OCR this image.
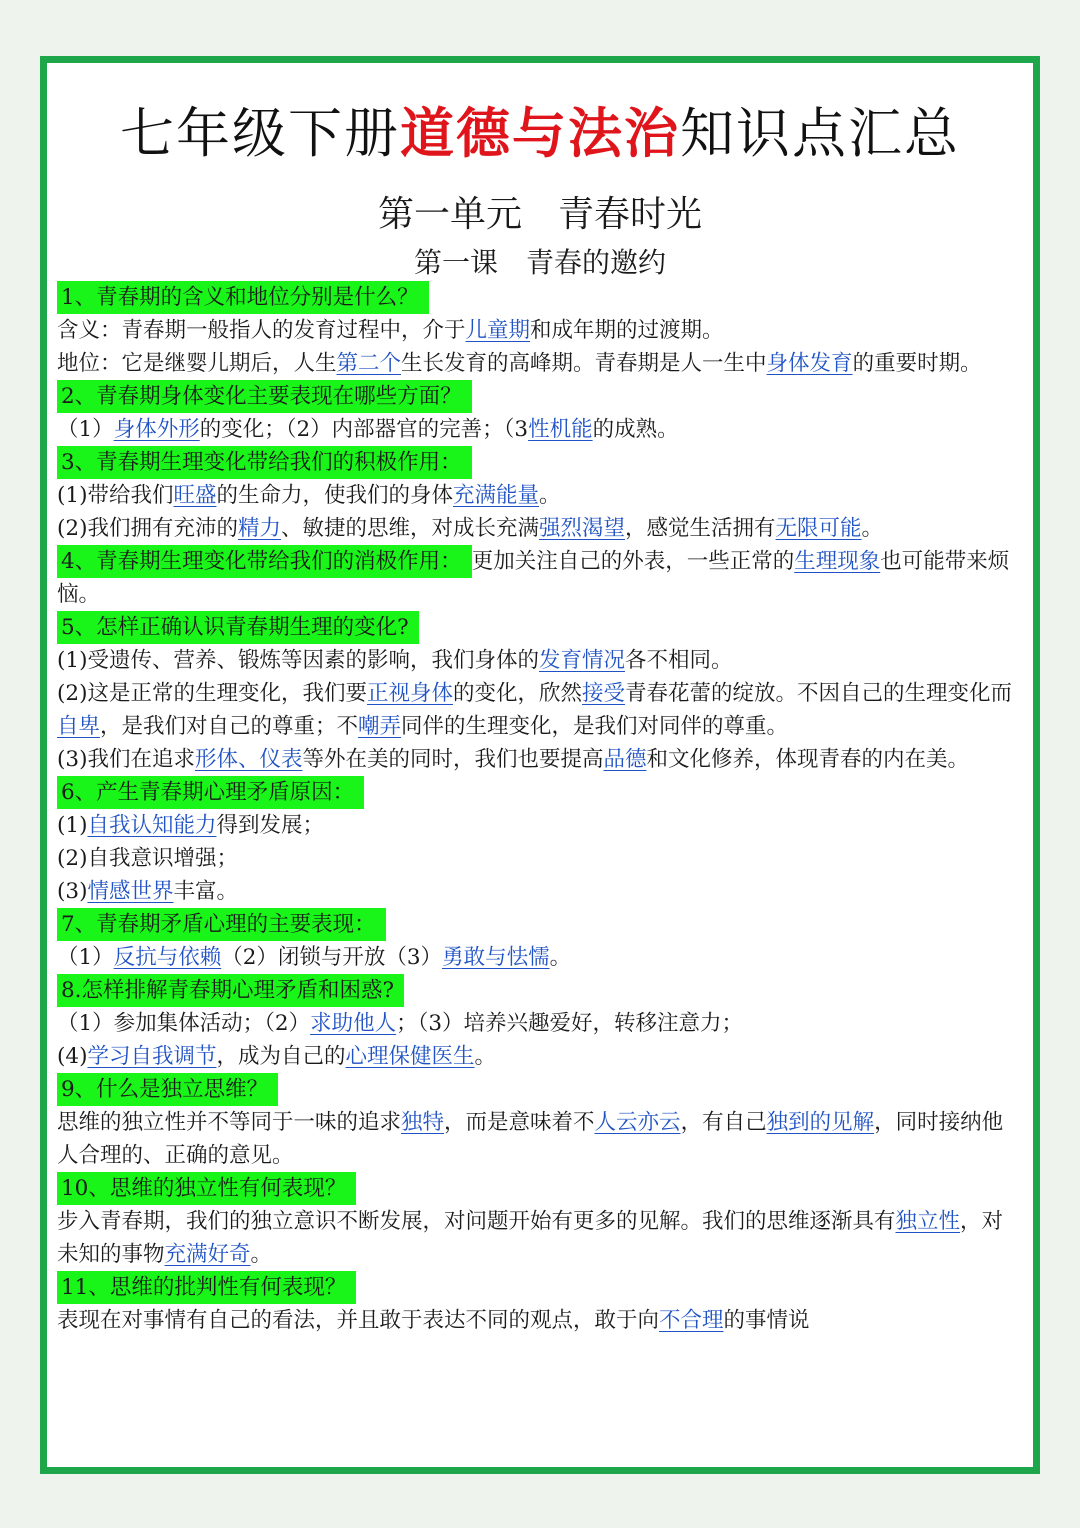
七年级下册道德与法治知识点汇总
第一单元　青春时光
第一课　青春的邀约
1、青春期的含义和地位分别是什么？

含义：青春期一般指人的发育过程中，介于儿童期和成年期的过渡期。

地位：它是继婴儿期后，人生第二个生长发育的高峰期。青春期是人一生中身体发育的重要时期。

2、青春期身体变化主要表现在哪些方面？

（1）身体外形的变化；（2）内部器官的完善；（3性机能的成熟。

3、青春期生理变化带给我们的积极作用：

(1)带给我们旺盛的生命力，使我们的身体充满能量。

(2)我们拥有充沛的精力、敏捷的思维，对成长充满强烈渴望，感觉生活拥有无限可能。

4、青春期生理变化带给我们的消极作用： 更加关注自己的外表，一些正常的生理现象也可能带来烦恼。

5、怎样正确认识青春期生理的变化?

(1)受遗传、营养、锻炼等因素的影响，我们身体的发育情况各不相同。

(2)这是正常的生理变化，我们要正视身体的变化，欣然接受青春花蕾的绽放。不因自己的生理变化而自卑，是我们对自己的尊重；不嘲弄同伴的生理变化，是我们对同伴的尊重。

(3)我们在追求形体、仪表等外在美的同时，我们也要提高品德和文化修养，体现青春的内在美。

6、产生青春期心理矛盾原因：

(1)自我认知能力得到发展；

(2)自我意识增强；

(3)情感世界丰富。

7、青春期矛盾心理的主要表现：

（1）反抗与依赖（2）闭锁与开放（3）勇敢与怯懦。

8.怎样排解青春期心理矛盾和困惑?

（1）参加集体活动；（2）求助他人；（3）培养兴趣爱好，转移注意力；

(4)学习自我调节，成为自己的心理保健医生。

9、什么是独立思维？

思维的独立性并不等同于一味的追求独特，而是意味着不人云亦云，有自己独到的见解，同时接纳他人合理的、正确的意见。

10、思维的独立性有何表现？

步入青春期，我们的独立意识不断发展，对问题开始有更多的见解。我们的思维逐渐具有独立性，对未知的事物充满好奇。

11、思维的批判性有何表现？

表现在对事情有自己的看法，并且敢于表达不同的观点，敢于向不合理的事情说
